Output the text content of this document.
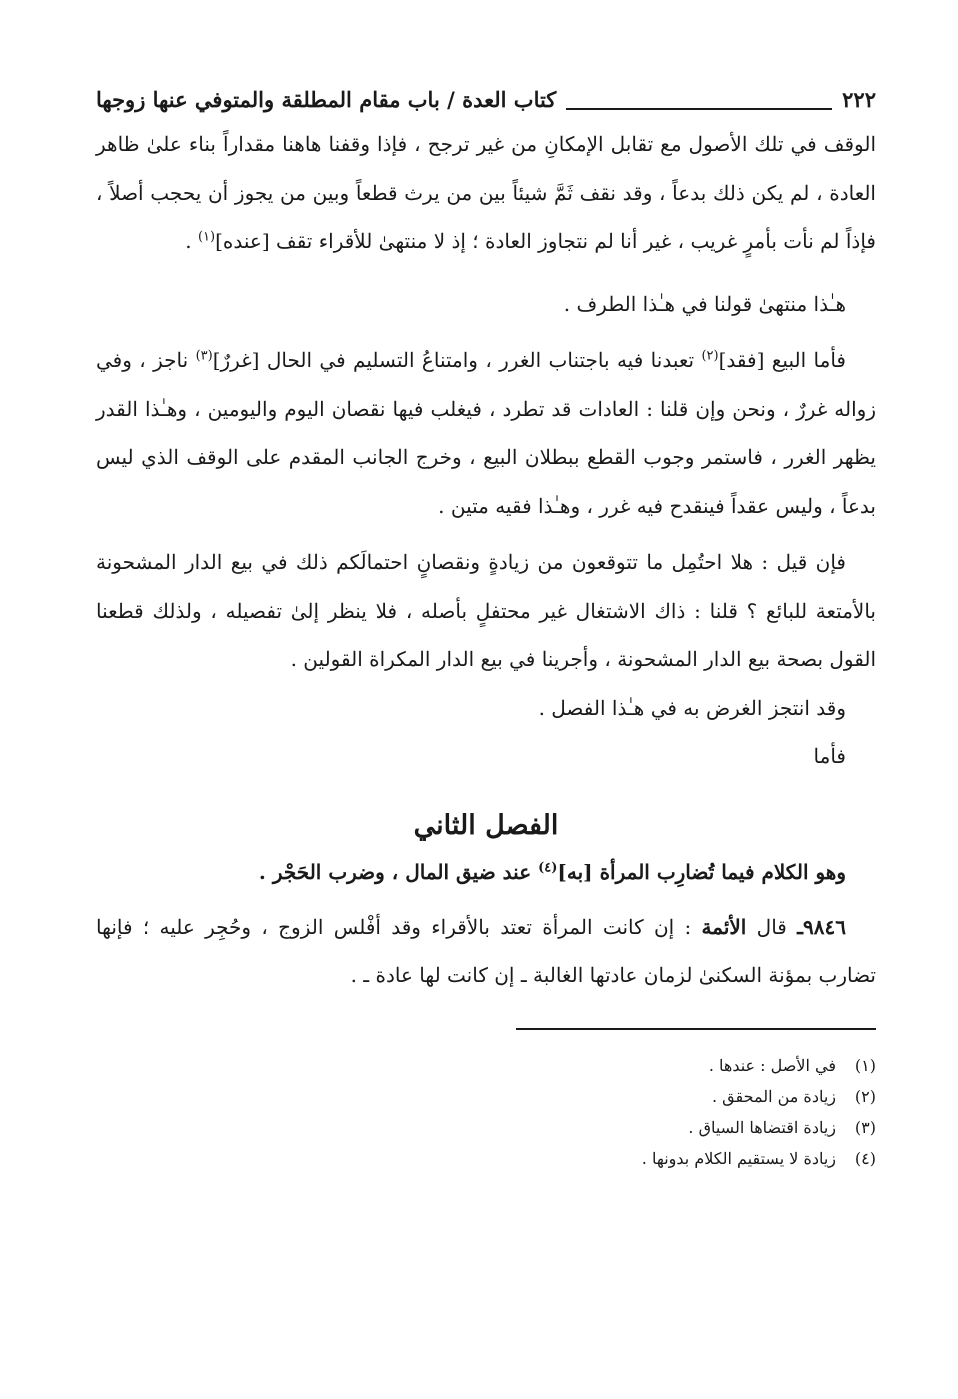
٢٢٢
كتاب العدة / باب مقام المطلقة والمتوفي عنها زوجها

الوقف في تلك الأصول مع تقابل الإمكانِ من غير ترجح ، فإذا وقفنا هاهنا مقداراً بناء علىٰ ظاهر العادة ، لم يكن ذلك بدعاً ، وقد نقف ثَمَّ شيئاً بين من يرث قطعاً وبين من يجوز أن يحجب أصلاً ، فإذاً لم نأت بأمرٍ غريب ، غير أنا لم نتجاوز العادة ؛ إذ لا منتهىٰ للأقراء تقف [عنده]$^{(١)}$ .

هـٰذا منتهىٰ قولنا في هـٰذا الطرف .

فأما البيع [فقد]$^{(٢)}$ تعبدنا فيه باجتناب الغرر ، وامتناعُ التسليم في الحال [غررٌ]$^{(٣)}$ ناجز ، وفي زواله غررٌ ، ونحن وإن قلنا : العادات قد تطرد ، فيغلب فيها نقصان اليوم واليومين ، وهـٰذا القدر يظهر الغرر ، فاستمر وجوب القطع ببطلان البيع ، وخرج الجانب المقدم على الوقف الذي ليس بدعاً ، وليس عقداً فينقدح فيه غرر ، وهـٰذا فقيه متين .

فإن قيل : هلا احتُمِل ما تتوقعون من زيادةٍ ونقصانٍ احتمالَكم ذلك في بيع الدار المشحونة بالأمتعة للبائع ؟ قلنا : ذاك الاشتغال غير محتفلٍ بأصله ، فلا ينظر إلىٰ تفصيله ، ولذلك قطعنا القول بصحة بيع الدار المشحونة ، وأجرينا في بيع الدار المكراة القولين .

وقد انتجز الغرض به في هـٰذا الفصل .

فأما

الفصل الثاني

وهو الكلام فيما تُضارِب المرأة [به]$^{(٤)}$ عند ضيق المال ، وضرب الحَجْر .

٩٨٤٦ـ قال الأئمة : إن كانت المرأة تعتد بالأقراء وقد أفْلس الزوج ، وحُجِر عليه ؛ فإنها تضارب بمؤنة السكنىٰ لزمان عادتها الغالبة ـ إن كانت لها عادة ـ .

(١)في الأصل : عندها .
(٢)زيادة من المحقق .
(٣)زيادة اقتضاها السياق .
(٤)زيادة لا يستقيم الكلام بدونها .
